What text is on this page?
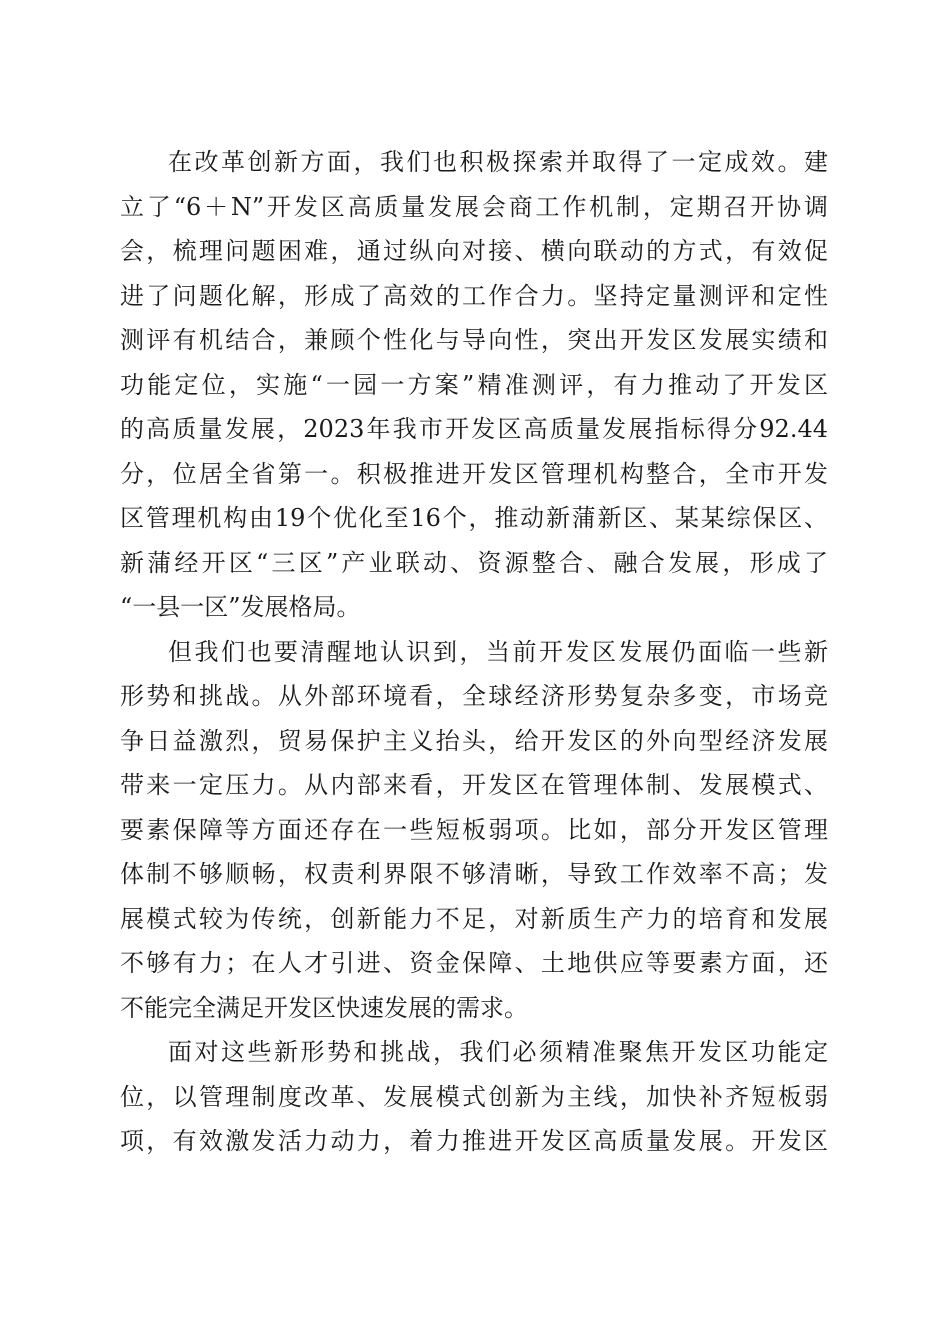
在改革创新方面，我们也积极探索并取得了一定成效。建
立了“6＋N”开发区高质量发展会商工作机制，定期召开协调
会，梳理问题困难，通过纵向对接、横向联动的方式，有效促
进了问题化解，形成了高效的工作合力。坚持定量测评和定性
测评有机结合，兼顾个性化与导向性，突出开发区发展实绩和
功能定位，实施“一园一方案”精准测评，有力推动了开发区
的高质量发展，2023年我市开发区高质量发展指标得分92.44
分，位居全省第一。积极推进开发区管理机构整合，全市开发
区管理机构由19个优化至16个，推动新蒲新区、某某综保区、
新蒲经开区“三区”产业联动、资源整合、融合发展，形成了
“一县一区”发展格局。
但我们也要清醒地认识到，当前开发区发展仍面临一些新
形势和挑战。从外部环境看，全球经济形势复杂多变，市场竞
争日益激烈，贸易保护主义抬头，给开发区的外向型经济发展
带来一定压力。从内部来看，开发区在管理体制、发展模式、
要素保障等方面还存在一些短板弱项。比如，部分开发区管理
体制不够顺畅，权责利界限不够清晰，导致工作效率不高；发
展模式较为传统，创新能力不足，对新质生产力的培育和发展
不够有力；在人才引进、资金保障、土地供应等要素方面，还
不能完全满足开发区快速发展的需求。
面对这些新形势和挑战，我们必须精准聚焦开发区功能定
位，以管理制度改革、发展模式创新为主线，加快补齐短板弱
项，有效激发活力动力，着力推进开发区高质量发展。开发区
